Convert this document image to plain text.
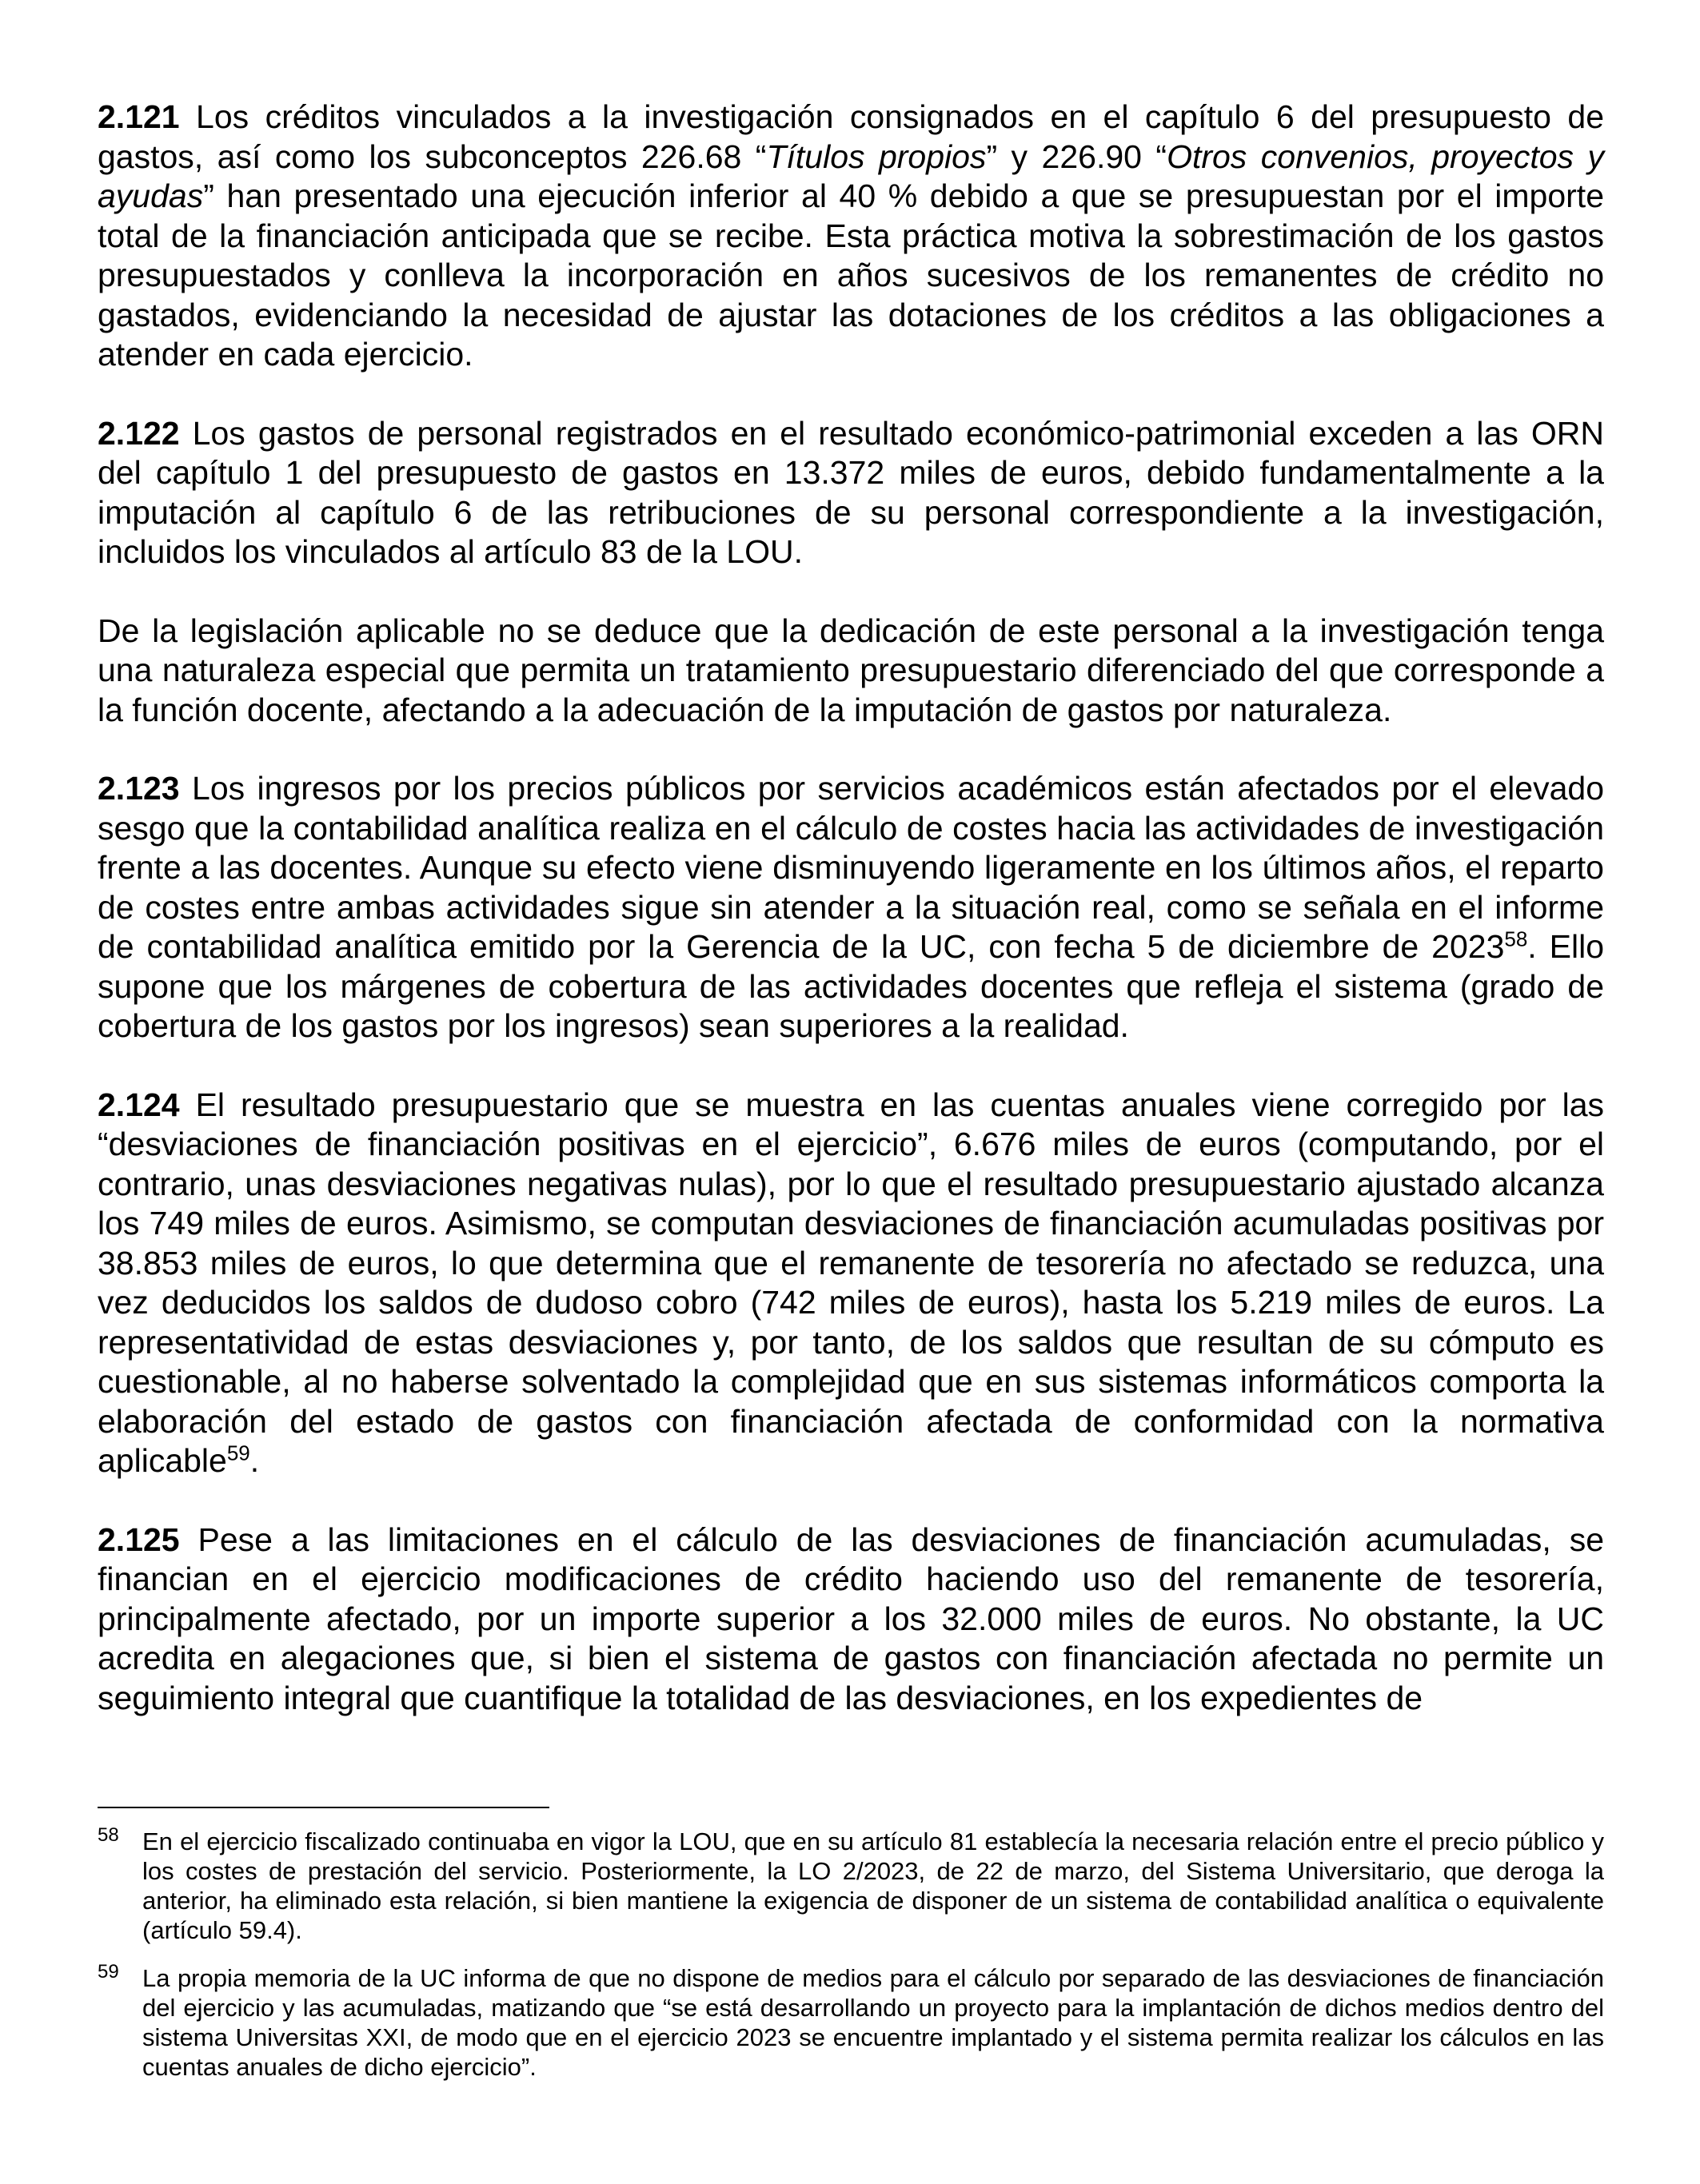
2.121 Los créditos vinculados a la investigación consignados en el capítulo 6 del presupuesto de gastos, así como los subconceptos 226.68 “Títulos propios” y 226.90 “Otros convenios, proyectos y ayudas” han presentado una ejecución inferior al 40 % debido a que se presupuestan por el importe total de la financiación anticipada que se recibe. Esta práctica motiva la sobrestimación de los gastos presupuestados y conlleva la incorporación en años sucesivos de los remanentes de crédito no gastados, evidenciando la necesidad de ajustar las dotaciones de los créditos a las obligaciones a atender en cada ejercicio.

2.122 Los gastos de personal registrados en el resultado económico-patrimonial exceden a las ORN del capítulo 1 del presupuesto de gastos en 13.372 miles de euros, debido fundamentalmente a la imputación al capítulo 6 de las retribuciones de su personal correspondiente a la investigación, incluidos los vinculados al artículo 83 de la LOU.

De la legislación aplicable no se deduce que la dedicación de este personal a la investigación tenga una naturaleza especial que permita un tratamiento presupuestario diferenciado del que corresponde a la función docente, afectando a la adecuación de la imputación de gastos por naturaleza.

2.123 Los ingresos por los precios públicos por servicios académicos están afectados por el elevado sesgo que la contabilidad analítica realiza en el cálculo de costes hacia las actividades de investigación frente a las docentes. Aunque su efecto viene disminuyendo ligeramente en los últimos años, el reparto de costes entre ambas actividades sigue sin atender a la situación real, como se señala en el informe de contabilidad analítica emitido por la Gerencia de la UC, con fecha 5 de diciembre de 2023$^{58}$. Ello supone que los márgenes de cobertura de las actividades docentes que refleja el sistema (grado de cobertura de los gastos por los ingresos) sean superiores a la realidad.

2.124 El resultado presupuestario que se muestra en las cuentas anuales viene corregido por las “desviaciones de financiación positivas en el ejercicio”, 6.676 miles de euros (computando, por el contrario, unas desviaciones negativas nulas), por lo que el resultado presupuestario ajustado alcanza los 749 miles de euros. Asimismo, se computan desviaciones de financiación acumuladas positivas por 38.853 miles de euros, lo que determina que el remanente de tesorería no afectado se reduzca, una vez deducidos los saldos de dudoso cobro (742 miles de euros), hasta los 5.219 miles de euros. La representatividad de estas desviaciones y, por tanto, de los saldos que resultan de su cómputo es cuestionable, al no haberse solventado la complejidad que en sus sistemas informáticos comporta la elaboración del estado de gastos con financiación afectada de conformidad con la normativa aplicable$^{59}$.

2.125 Pese a las limitaciones en el cálculo de las desviaciones de financiación acumuladas, se financian en el ejercicio modificaciones de crédito haciendo uso del remanente de tesorería, principalmente afectado, por un importe superior a los 32.000 miles de euros. No obstante, la UC acredita en alegaciones que, si bien el sistema de gastos con financiación afectada no permite un seguimiento integral que cuantifique la totalidad de las desviaciones, en los expedientes de

58 En el ejercicio fiscalizado continuaba en vigor la LOU, que en su artículo 81 establecía la necesaria relación entre el precio público y los costes de prestación del servicio. Posteriormente, la LO 2/2023, de 22 de marzo, del Sistema Universitario, que deroga la anterior, ha eliminado esta relación, si bien mantiene la exigencia de disponer de un sistema de contabilidad analítica o equivalente (artículo 59.4).
59 La propia memoria de la UC informa de que no dispone de medios para el cálculo por separado de las desviaciones de financiación del ejercicio y las acumuladas, matizando que “se está desarrollando un proyecto para la implantación de dichos medios dentro del sistema Universitas XXI, de modo que en el ejercicio 2023 se encuentre implantado y el sistema permita realizar los cálculos en las cuentas anuales de dicho ejercicio”.
